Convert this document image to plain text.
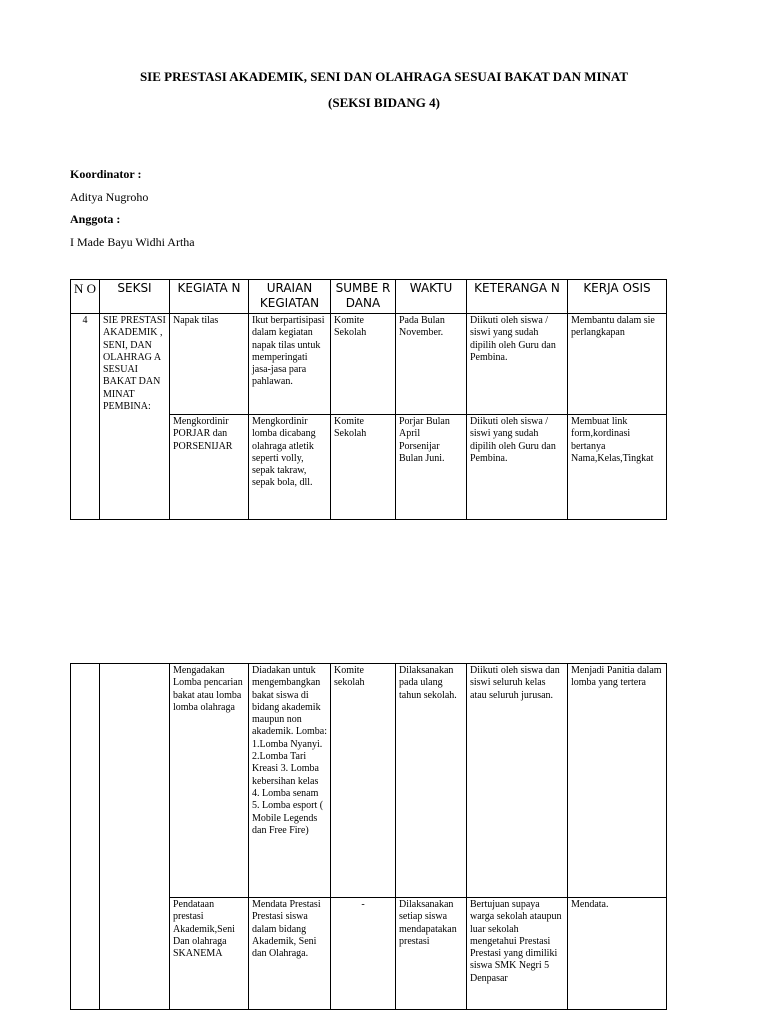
SIE PRESTASI AKADEMIK, SENI DAN OLAHRAGA SESUAI BAKAT DAN MINAT
(SEKSI BIDANG 4)
Koordinator :
Aditya Nugroho
Anggota :
I Made Bayu Widhi Artha
N O	SEKSI	KEGIATA N	URAIAN KEGIATAN	SUMBE R DANA	WAKTU	KETERANGA N	KERJA OSIS
4	SIE PRESTASI AKADEMIK , SENI, DAN OLAHRAG A SESUAI BAKAT DAN MINAT PEMBINA:	Napak tilas	Ikut berpartisipasi dalam kegiatan napak tilas untuk memperingati jasa-jasa para pahlawan.	Komite Sekolah	Pada Bulan November.	Diikuti oleh siswa / siswi yang sudah dipilih oleh Guru dan Pembina.	Membantu dalam sie perlangkapan
		Mengkordinir PORJAR dan PORSENIJAR	Mengkordinir lomba dicabang olahraga atletik seperti volly, sepak takraw, sepak bola, dll.	Komite Sekolah	Porjar Bulan April Porsenijar Bulan Juni.	Diikuti oleh siswa / siswi yang sudah dipilih oleh Guru dan Pembina.	Membuat link form,kordinasi bertanya Nama,Kelas,Tingkat
		Mengadakan Lomba pencarian bakat atau lomba lomba olahraga	Diadakan untuk mengembangkan bakat siswa di bidang akademik maupun non akademik. Lomba: 1.Lomba Nyanyi. 2.Lomba Tari Kreasi 3. Lomba kebersihan kelas 4. Lomba senam 5. Lomba esport ( Mobile Legends dan Free Fire)	Komite sekolah	Dilaksanakan pada ulang tahun sekolah.	Diikuti oleh siswa dan siswi seluruh kelas atau seluruh jurusan.	Menjadi Panitia dalam lomba yang tertera
		Pendataan prestasi Akademik,Seni Dan olahraga SKANEMA	Mendata Prestasi Prestasi siswa dalam bidang Akademik, Seni dan Olahraga.	-	Dilaksanakan setiap siswa mendapatakan prestasi	Bertujuan supaya warga sekolah ataupun luar sekolah mengetahui Prestasi Prestasi yang dimiliki siswa SMK Negri 5 Denpasar	Mendata.
